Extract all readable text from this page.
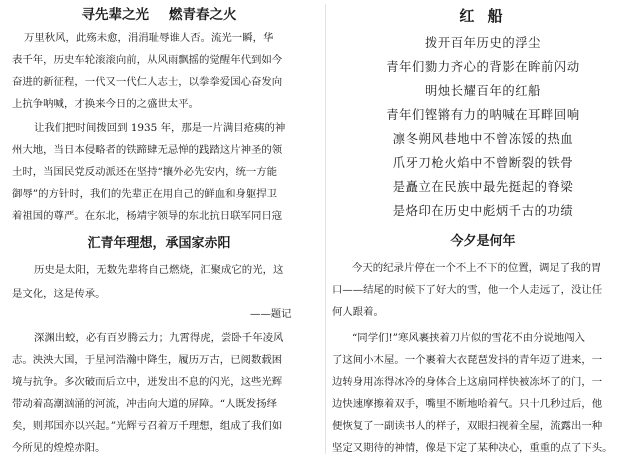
寻先辈之光 燃青春之火
万里秋风，此殇未愈，涓涓耻辱谁人否。流光一瞬，华
表千年，历史车轮滚滚向前，从风雨飘摇的觉醒年代到如今
奋进的新征程，一代又一代仁人志士，以拳拳爱国心奋发向
上抗争呐喊，才换来今日的之盛世太平。
让我们把时间拨回到 1935 年，那是一片满目疮痍的神
州大地，当日本侵略者的铁蹄肆无忌惮的践踏这片神圣的领
土时，当国民党反动派还在坚持“攘外必先安内，统一方能
御辱”的方针时，我们的先辈正在用自己的鲜血和身躯捍卫
着祖国的尊严。在东北，杨靖宇领导的东北抗日联军同日寇
汇青年理想，承国家赤阳
历史是太阳，无数先辈将自己燃烧，汇聚成它的光，这
是文化，这是传承。
——题记
深渊出蛟，必有百岁腾云力；九霄得虎，尝卧千年凌风
志。泱泱大国，于星河浩瀚中降生，履历万古，已阅数载困
境与抗争。多次破而后立中，迸发出不息的闪光，这些光辉
带动着高潮汹涌的河流，冲击向大道的屏障。“人既发扬绎
矣，则邦国亦以兴起。”光辉亏召着万千理想，组成了我们如
今所见的煌煌赤阳。
红 船
拨开百年历史的浮尘
青年们勠力齐心的背影在眸前闪动
明烛长耀百年的红船
青年们铿锵有力的呐喊在耳畔回响
凛冬朔风巷地中不曾冻馁的热血
爪牙刀枪火焰中不曾断裂的铁骨
是矗立在民族中最先挺起的脊梁
是烙印在历史中彪炳千古的功绩
今夕是何年
今天的纪录片停在一个不上不下的位置，调足了我的胃
口——结尾的时候下了好大的雪，他一个人走远了，没让任
何人跟着。
“同学们!”寒风裹挟着刀片似的雪花不由分说地闯入
了这间小木屋。一个裹着大衣琵琶发抖的青年迈了进来，一
边转身用冻得冰冷的身体合上这扇同样快被冻坏了的门，一
边快速摩擦着双手，嘴里不断地哈着气。只十几秒过后，他
便恢复了一副读书人的样子，双眼扫视着全屋，流露出一种
坚定又期待的神情，像是下定了某种决心，重重的点了下头。
